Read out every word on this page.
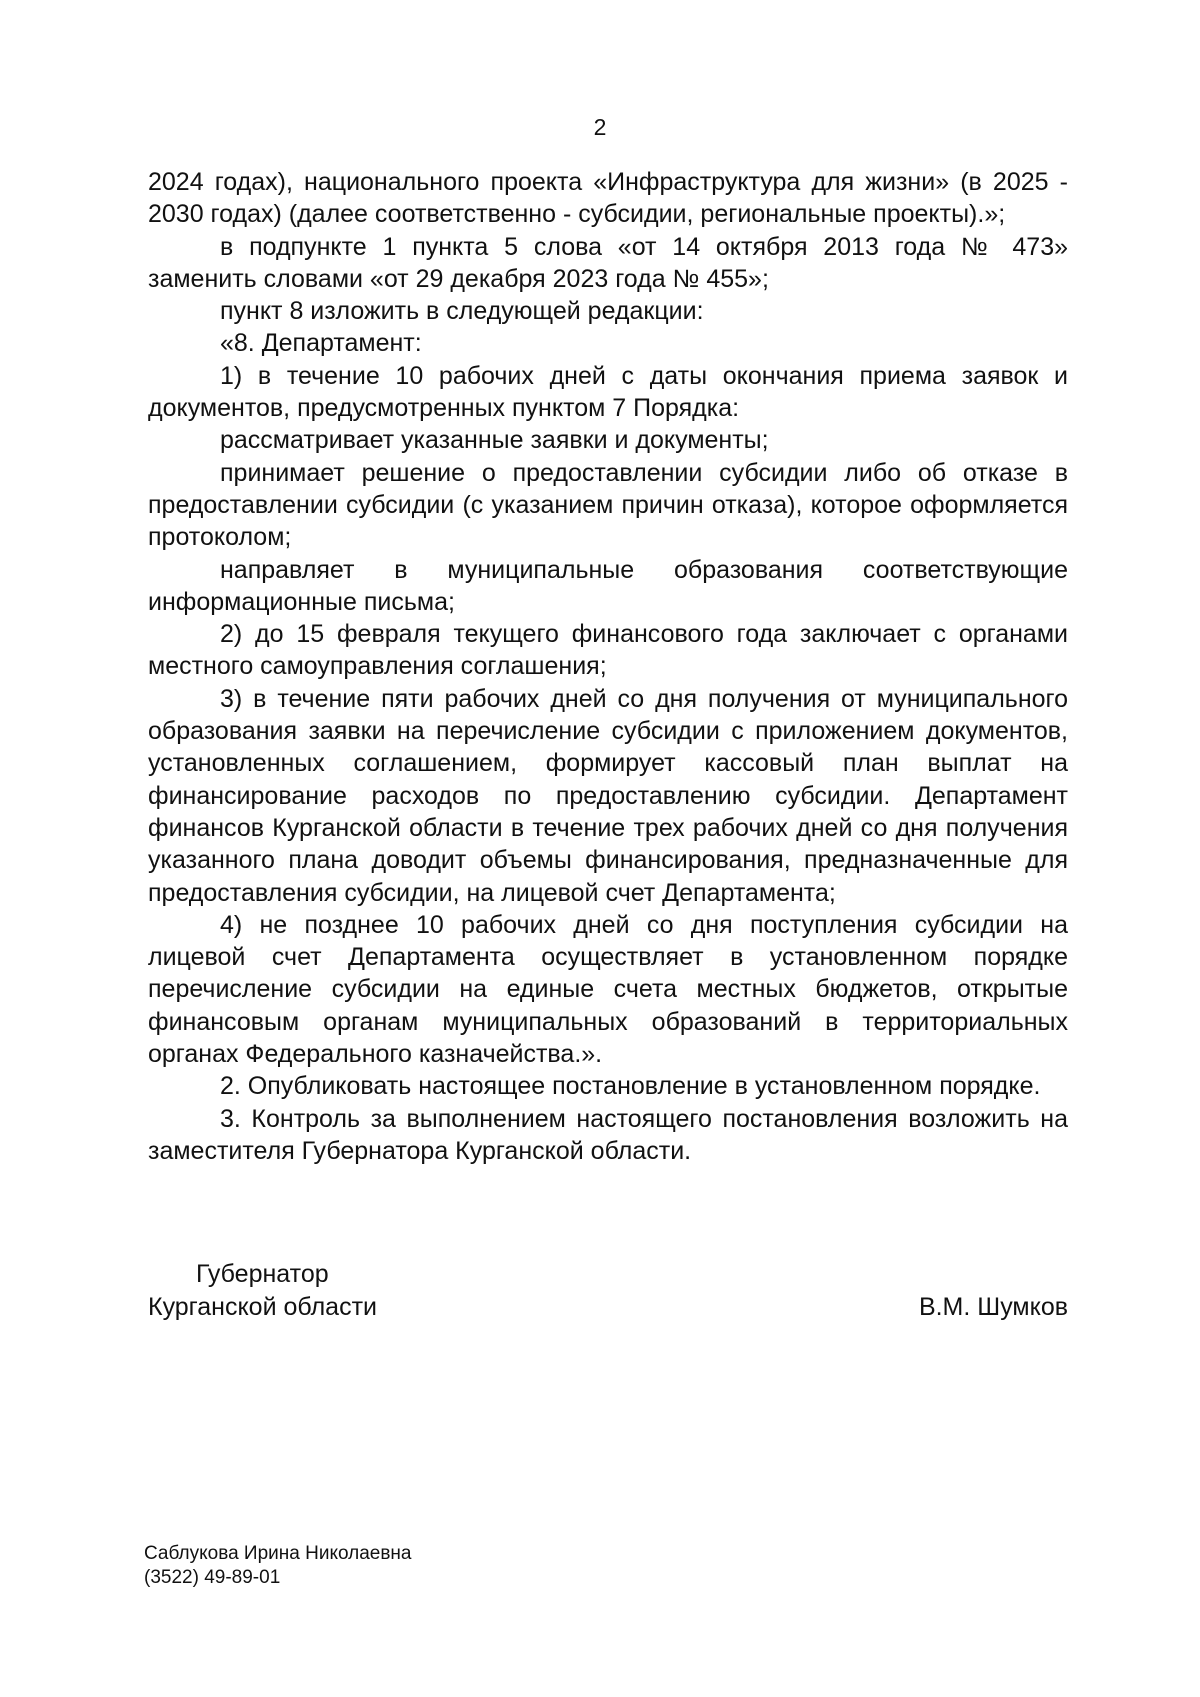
2

2024 годах), национального проекта «Инфраструктура для жизни» (в 2025 - 2030 годах) (далее соответственно - субсидии, региональные проекты).»;

в подпункте 1 пункта 5 слова «от 14 октября 2013 года № 473» заменить словами «от 29 декабря 2023 года № 455»;

пункт 8 изложить в следующей редакции:

«8. Департамент:

1) в течение 10 рабочих дней с даты окончания приема заявок и документов, предусмотренных пунктом 7 Порядка:

рассматривает указанные заявки и документы;

принимает решение о предоставлении субсидии либо об отказе в предоставлении субсидии (с указанием причин отказа), которое оформляется протоколом;

направляет в муниципальные образования соответствующие информационные письма;

2) до 15 февраля текущего финансового года заключает с органами местного самоуправления соглашения;

3) в течение пяти рабочих дней со дня получения от муниципального образования заявки на перечисление субсидии с приложением документов, установленных соглашением, формирует кассовый план выплат на финансирование расходов по предоставлению субсидии. Департамент финансов Курганской области в течение трех рабочих дней со дня получения указанного плана доводит объемы финансирования, предназначенные для предоставления субсидии, на лицевой счет Департамента;

4) не позднее 10 рабочих дней со дня поступления субсидии на лицевой счет Департамента осуществляет в установленном порядке перечисление субсидии на единые счета местных бюджетов, открытые финансовым органам муниципальных образований в территориальных органах Федерального казначейства.».

2. Опубликовать настоящее постановление в установленном порядке.

3. Контроль за выполнением настоящего постановления возложить на заместителя Губернатора Курганской области.

Губернатор
Курганской области	В.М. Шумков
Саблукова Ирина Николаевна
(3522) 49-89-01
